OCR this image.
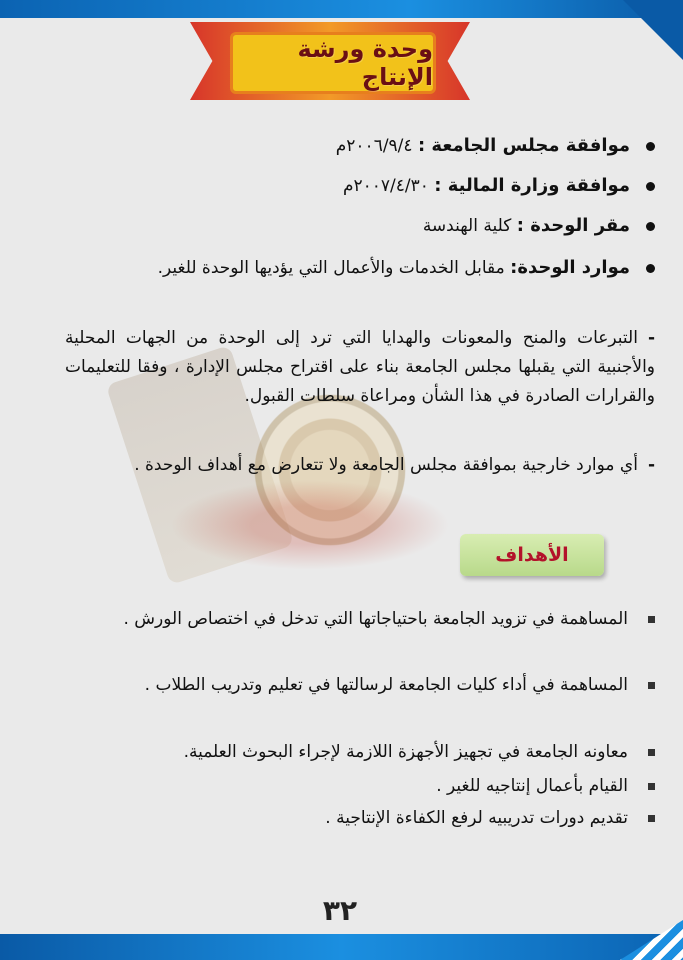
وحدة ورشة الإنتاج
موافقة مجلس الجامعة : ٢٠٠٦/٩/٤م
موافقة وزارة المالية : ٢٠٠٧/٤/٣٠م
مقر الوحدة : كلية الهندسة
موارد الوحدة: مقابل الخدمات والأعمال التي يؤديها الوحدة للغير.
-التبرعات والمنح والمعونات والهدايا التي ترد إلى الوحدة من الجهات المحلية والأجنبية التي يقبلها مجلس الجامعة بناء على اقتراح مجلس الإدارة ، وفقا للتعليمات والقرارات الصادرة في هذا الشأن ومراعاة سلطات القبول.
-أي موارد خارجية بموافقة مجلس الجامعة ولا تتعارض مع أهداف الوحدة .
الأهداف
المساهمة في تزويد الجامعة باحتياجاتها التي تدخل في اختصاص الورش .
المساهمة في أداء كليات الجامعة لرسالتها في تعليم وتدريب الطلاب .
معاونه الجامعة في تجهيز الأجهزة اللازمة لإجراء البحوث العلمية.
القيام بأعمال إنتاجيه للغير .
تقديم دورات تدريبيه لرفع الكفاءة الإنتاجية .
٣٢
